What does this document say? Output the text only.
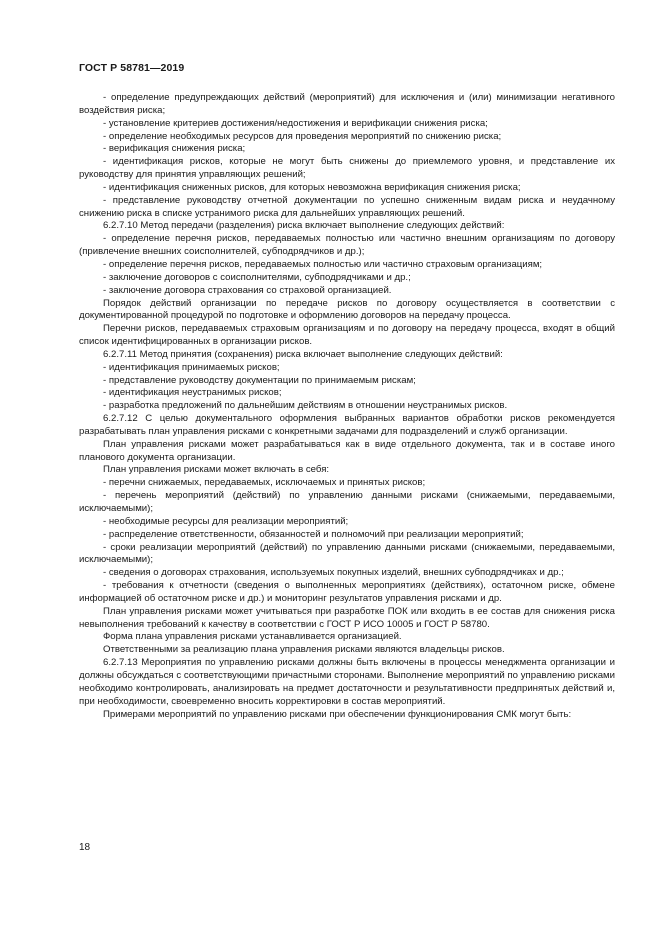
ГОСТ Р 58781—2019

- определение предупреждающих действий (мероприятий) для исключения и (или) минимизации негативного воздействия риска;

- установление критериев достижения/недостижения и верификации снижения риска;

- определение необходимых ресурсов для проведения мероприятий по снижению риска;

- верификация снижения риска;

- идентификация рисков, которые не могут быть снижены до приемлемого уровня, и представление их руководству для принятия управляющих решений;

- идентификация сниженных рисков, для которых невозможна верификация снижения риска;

- представление руководству отчетной документации по успешно сниженным видам риска и неудачному снижению риска в списке устранимого риска для дальнейших управляющих решений.

6.2.7.10 Метод передачи (разделения) риска включает выполнение следующих действий:

- определение перечня рисков, передаваемых полностью или частично внешним организациям по договору (привлечение внешних соисполнителей, субподрядчиков и др.);

- определение перечня рисков, передаваемых полностью или частично страховым организациям;

- заключение договоров с соисполнителями, субподрядчиками и др.;

- заключение договора страхования со страховой организацией.

Порядок действий организации по передаче рисков по договору осуществляется в соответствии с документированной процедурой по подготовке и оформлению договоров на передачу процесса.

Перечни рисков, передаваемых страховым организациям и по договору на передачу процесса, входят в общий список идентифицированных в организации рисков.

6.2.7.11 Метод принятия (сохранения) риска включает выполнение следующих действий:

- идентификация принимаемых рисков;

- представление руководству документации по принимаемым рискам;

- идентификация неустранимых рисков;

- разработка предложений по дальнейшим действиям в отношении неустранимых рисков.

6.2.7.12 С целью документального оформления выбранных вариантов обработки рисков рекомендуется разрабатывать план управления рисками с конкретными задачами для подразделений и служб организации.

План управления рисками может разрабатываться как в виде отдельного документа, так и в составе иного планового документа организации.

План управления рисками может включать в себя:

- перечни снижаемых, передаваемых, исключаемых и принятых рисков;

- перечень мероприятий (действий) по управлению данными рисками (снижаемыми, передаваемыми, исключаемыми);

- необходимые ресурсы для реализации мероприятий;

- распределение ответственности, обязанностей и полномочий при реализации мероприятий;

- сроки реализации мероприятий (действий) по управлению данными рисками (снижаемыми, передаваемыми, исключаемыми);

- сведения о договорах страхования, используемых покупных изделий, внешних субподрядчиках и др.;

- требования к отчетности (сведения о выполненных мероприятиях (действиях), остаточном риске, обмене информацией об остаточном риске и др.) и мониторинг результатов управления рисками и др.

План управления рисками может учитываться при разработке ПОК или входить в ее состав для снижения риска невыполнения требований к качеству в соответствии с ГОСТ Р ИСО 10005 и ГОСТ Р 58780.

Форма плана управления рисками устанавливается организацией.

Ответственными за реализацию плана управления рисками являются владельцы рисков.

6.2.7.13 Мероприятия по управлению рисками должны быть включены в процессы менеджмента организации и должны обсуждаться с соответствующими причастными сторонами. Выполнение мероприятий по управлению рисками необходимо контролировать, анализировать на предмет достаточности и результативности предпринятых действий и, при необходимости, своевременно вносить корректировки в состав мероприятий.

Примерами мероприятий по управлению рисками при обеспечении функционирования СМК могут быть:

18
